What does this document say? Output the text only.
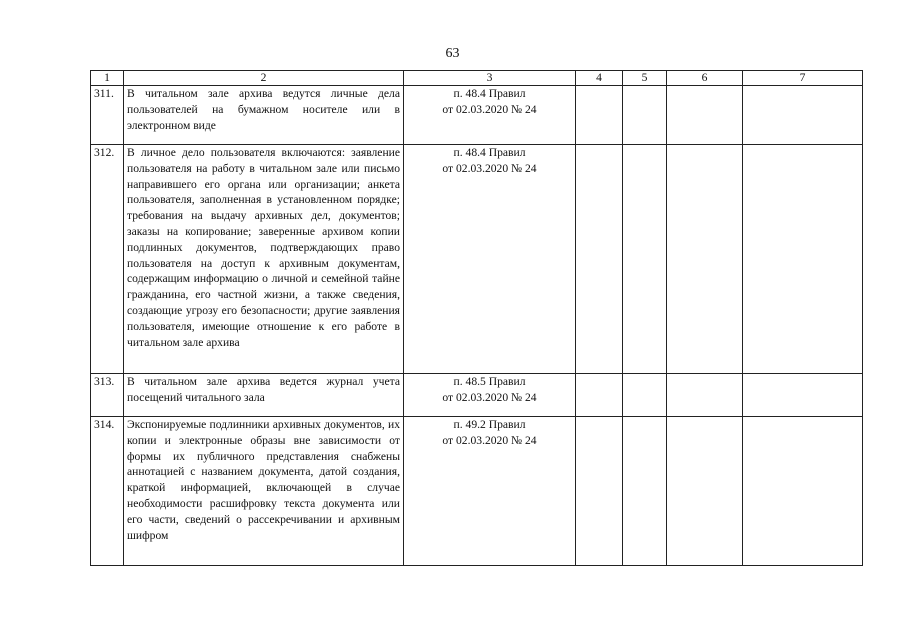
63
1	2	3	4	5	6	7
311.	В читальном зале архива ведутся личные дела пользователей на бумажном носителе или в электронном виде	п. 48.4 Правил
от 02.03.2020 № 24				

312.	В личное дело пользователя включаются: заявление пользователя на работу в читальном зале или письмо направившего его органа или организации; анкета пользователя, заполненная в установленном порядке; требования на выдачу архивных дел, документов; заказы на копирование; заверенные архивом копии подлинных документов, подтверждающих право пользователя на доступ к архивным документам, содержащим информацию о личной и семейной тайне гражданина, его частной жизни, а также сведения, создающие угрозу его безопасности; другие заявления пользователя, имеющие отношение к его работе в читальном зале архива	п. 48.4 Правил
от 02.03.2020 № 24				

313.	В читальном зале архива ведется журнал учета посещений читального зала	п. 48.5 Правил
от 02.03.2020 № 24				

314.	Экспонируемые подлинники архивных документов, их копии и электронные образы вне зависимости от формы их публичного представления снабжены аннотацией с названием документа, датой создания, краткой информацией, включающей в случае необходимости расшифровку текста документа или его части, сведений о рассекречивании и архивным шифром	п. 49.2 Правил
от 02.03.2020 № 24				
